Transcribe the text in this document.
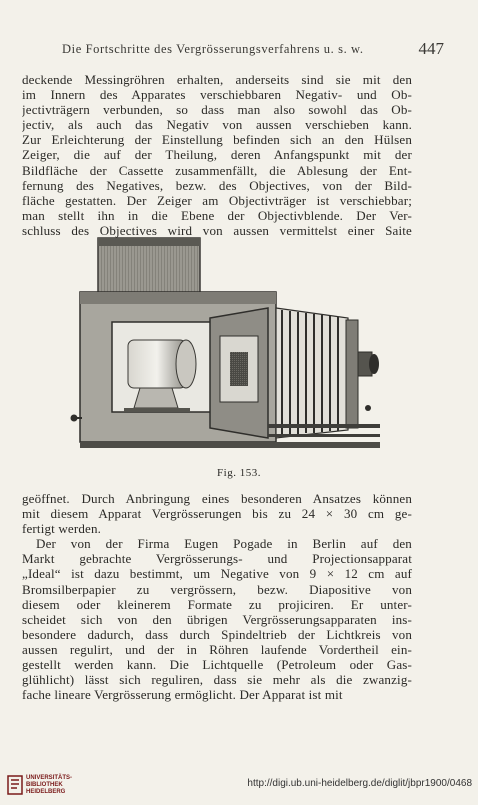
Die Fortschritte des Vergrösserungsverfahrens u. s. w.	447
deckende Messingröhren erhalten, anderseits sind sie mit den
im Innern des Apparates verschiebbaren Negativ- und Ob-
jectivträgern verbunden, so dass man also sowohl das Ob-
jectiv, als auch das Negativ von aussen verschieben kann.
Zur Erleichterung der Einstellung befinden sich an den Hülsen
Zeiger, die auf der Theilung, deren Anfangspunkt mit der
Bildfläche der Cassette zusammenfällt, die Ablesung der Ent-
fernung des Negatives, bezw. des Objectives, von der Bild-
fläche gestatten. Der Zeiger am Objectivträger ist verschiebbar;
man stellt ihn in die Ebene der Objectivblende. Der Ver-
schluss des Objectives wird von aussen vermittelst einer Saite
Fig. 153.
geöffnet. Durch Anbringung eines besonderen Ansatzes können
mit diesem Apparat Vergrösserungen bis zu 24 × 30 cm ge-
fertigt werden.
Der von der Firma Eugen Pogade in Berlin auf den
Markt gebrachte Vergrösserungs- und Projectionsapparat
„Ideal“ ist dazu bestimmt, um Negative von 9 × 12 cm auf
Bromsilberpapier zu vergrössern, bezw. Diapositive von
diesem oder kleinerem Formate zu projiciren. Er unter-
scheidet sich von den übrigen Vergrösserungsapparaten ins-
besondere dadurch, dass durch Spindeltrieb der Lichtkreis von
aussen regulirt, und der in Röhren laufende Vordertheil ein-
gestellt werden kann. Die Lichtquelle (Petroleum oder Gas-
glühlicht) lässt sich reguliren, dass sie mehr als die zwanzig-
fache lineare Vergrösserung ermöglicht. Der Apparat ist mit
UNIVERSITÄTS-
BIBLIOTHEK
HEIDELBERG
http://digi.ub.uni-heidelberg.de/diglit/jbpr1900/0468
